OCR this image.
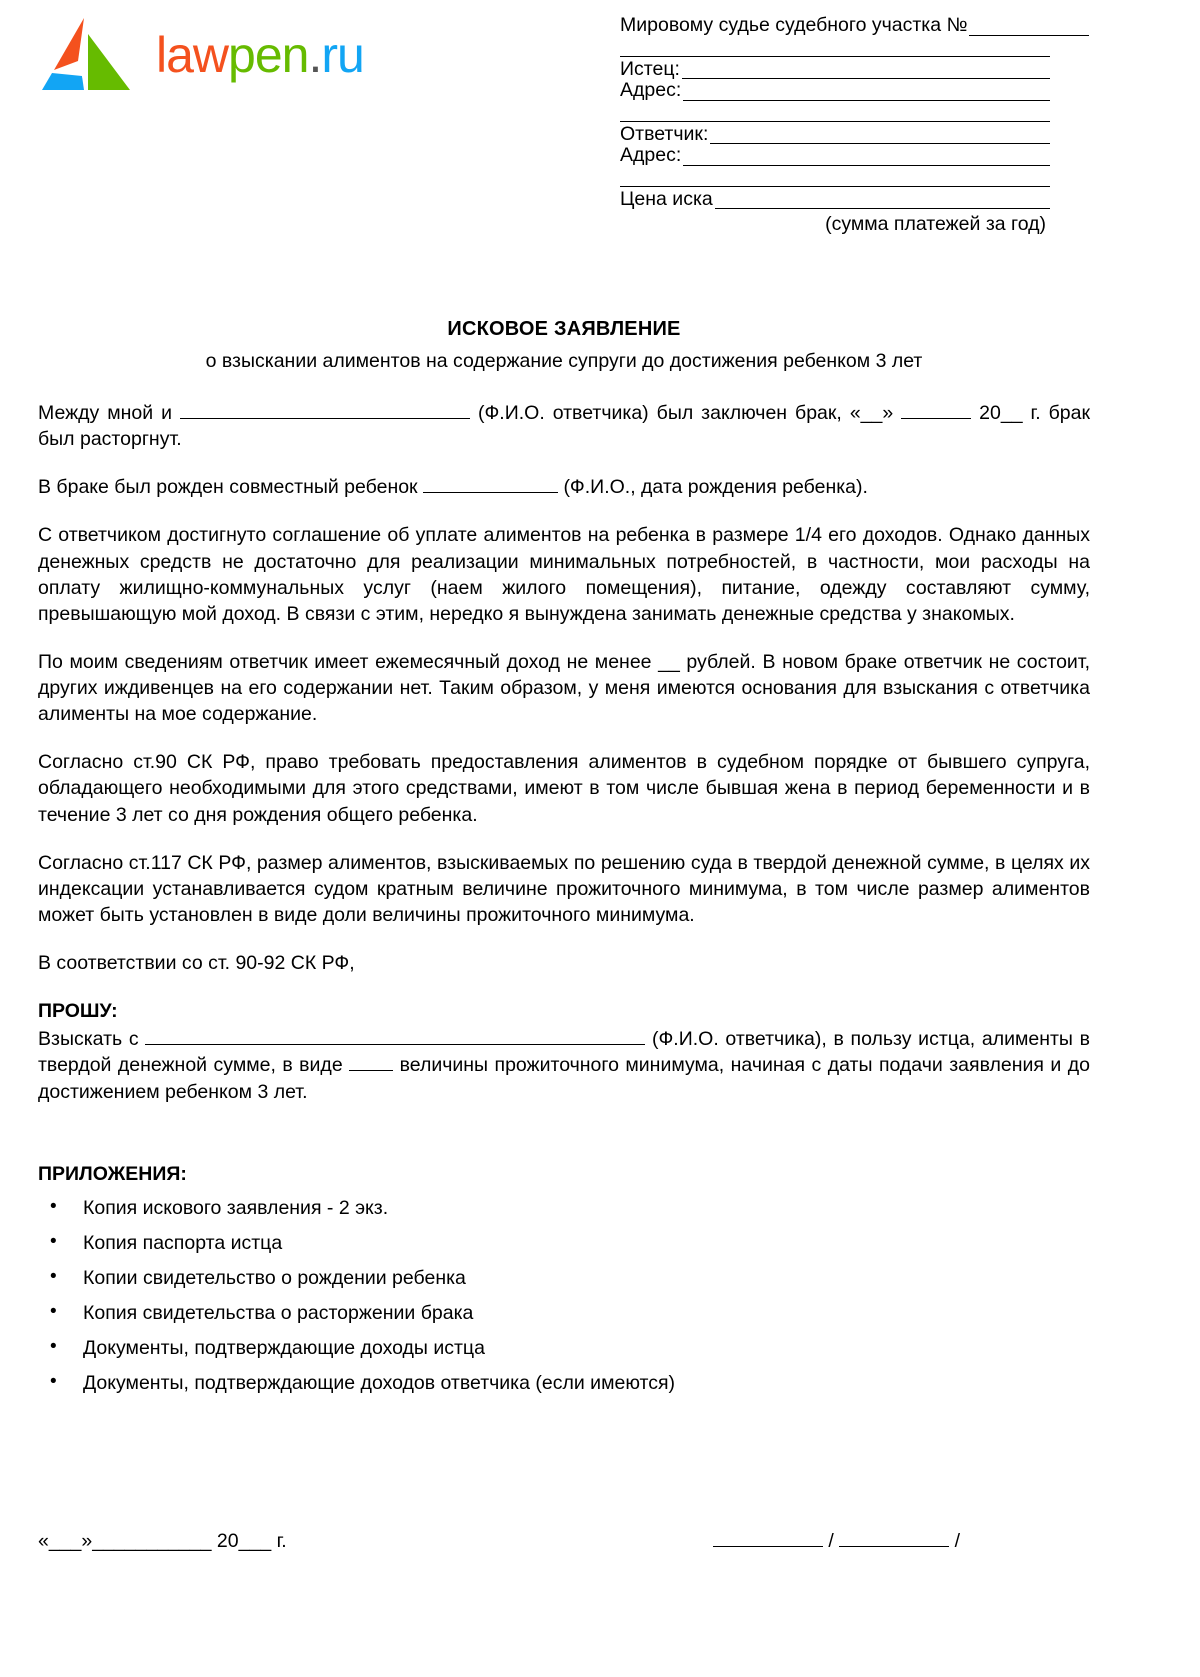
lawpen.ru
Мировому судье судебного участка №
Истец:
Адрес:
Ответчик:
Адрес:
Цена иска
(сумма платежей за год)
ИСКОВОЕ ЗАЯВЛЕНИЕ
о взыскании алиментов на содержание супруги до достижения ребенком 3 лет

Между мной и	(Ф.И.О. ответчика) был заключен брак, «__»	20__ г. брак был расторгнут.

В браке был рожден совместный ребенок	(Ф.И.О., дата рождения ребенка).

С ответчиком достигнуто соглашение об уплате алиментов на ребенка в размере 1/4 его доходов. Однако данных денежных средств не достаточно для реализации минимальных потребностей, в частности, мои расходы на оплату жилищно-коммунальных услуг (наем жилого помещения), питание, одежду составляют сумму, превышающую мой доход. В связи с этим, нередко я вынуждена занимать денежные средства у знакомых.

По моим сведениям ответчик имеет ежемесячный доход не менее __ рублей. В новом браке ответчик не состоит, других иждивенцев на его содержании нет. Таким образом, у меня имеются основания для взыскания с ответчика алименты на мое содержание.

Согласно ст.90 СК РФ, право требовать предоставления алиментов в судебном порядке от бывшего супруга, обладающего необходимыми для этого средствами, имеют в том числе бывшая жена в период беременности и в течение 3 лет со дня рождения общего ребенка.

Согласно ст.117 СК РФ, размер алиментов, взыскиваемых по решению суда в твердой денежной сумме, в целях их индексации устанавливается судом кратным величине прожиточного минимума, в том числе размер алиментов может быть установлен в виде доли величины прожиточного минимума.

В соответствии со ст. 90-92 СК РФ,

ПРОШУ:

Взыскать с	(Ф.И.О. ответчика), в пользу истца, алименты в твердой денежной сумме, в виде	величины прожиточного минимума, начиная с даты подачи заявления и до достижением ребенком 3 лет.

ПРИЛОЖЕНИЯ:

• Копия искового заявления - 2 экз.
• Копия паспорта истца
• Копии свидетельство о рождении ребенка
• Копия свидетельства о расторжении брака
• Документы, подтверждающие доходы истца
• Документы, подтверждающие доходов ответчика (если имеются)
«___»___________ 20___ г.	/	/
